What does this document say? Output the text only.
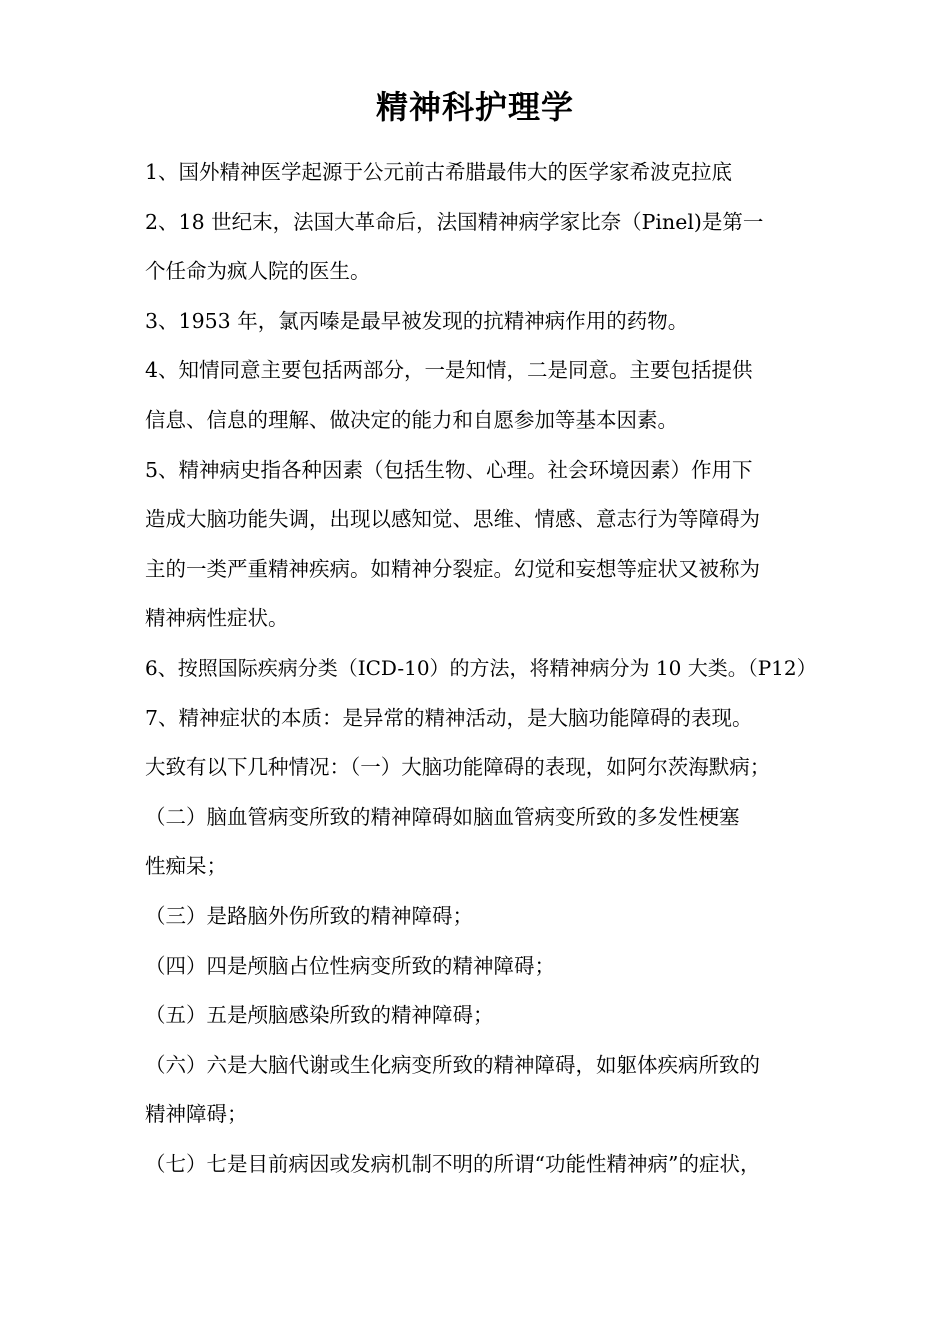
精神科护理学
1、国外精神医学起源于公元前古希腊最伟大的医学家希波克拉底
2、18 世纪末，法国大革命后，法国精神病学家比奈（Pinel)是第一
个任命为疯人院的医生。
3、1953 年，氯丙嗪是最早被发现的抗精神病作用的药物。
4、知情同意主要包括两部分，一是知情，二是同意。主要包括提供
信息、信息的理解、做决定的能力和自愿参加等基本因素。
5、精神病史指各种因素（包括生物、心理。社会环境因素）作用下
造成大脑功能失调，出现以感知觉、思维、情感、意志行为等障碍为
主的一类严重精神疾病。如精神分裂症。幻觉和妄想等症状又被称为
精神病性症状。
6、按照国际疾病分类（ICD-10）的方法，将精神病分为 10 大类。（P12）
7、精神症状的本质：是异常的精神活动，是大脑功能障碍的表现。
大致有以下几种情况：（一）大脑功能障碍的表现，如阿尔茨海默病；
（二）脑血管病变所致的精神障碍如脑血管病变所致的多发性梗塞
性痴呆；
（三）是路脑外伤所致的精神障碍；
（四）四是颅脑占位性病变所致的精神障碍；
（五）五是颅脑感染所致的精神障碍；
（六）六是大脑代谢或生化病变所致的精神障碍，如躯体疾病所致的
精神障碍；
（七）七是目前病因或发病机制不明的所谓“功能性精神病”的症状，
